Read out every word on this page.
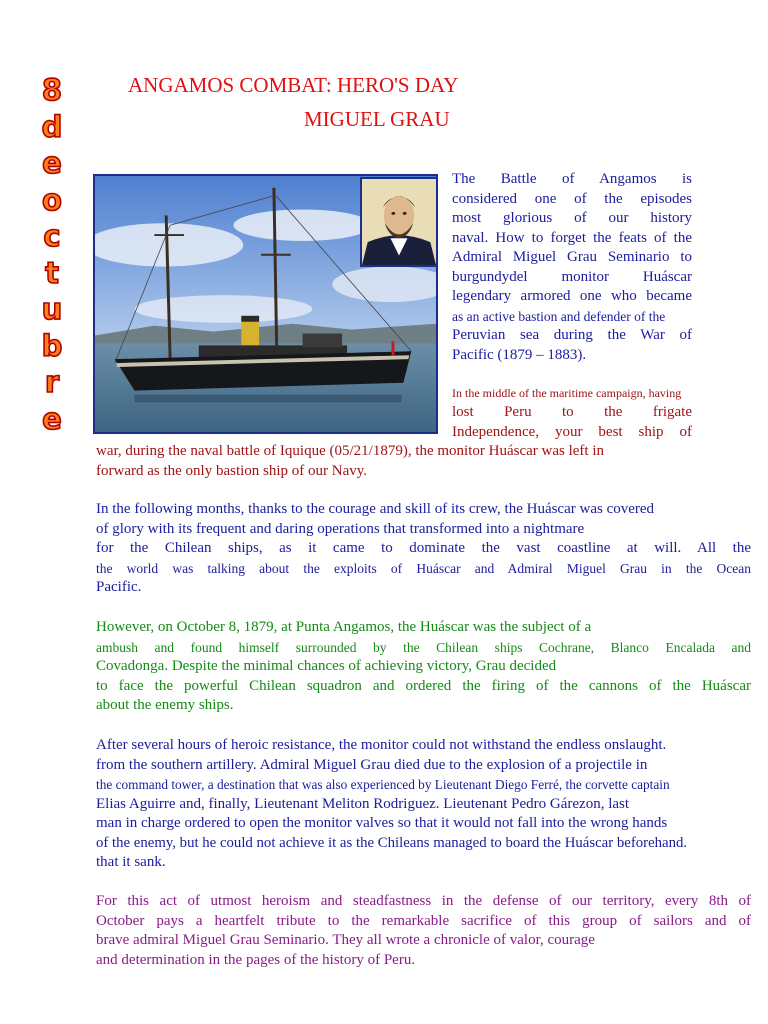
8
d
e
o
c
t
u
b
r
e
ANGAMOS COMBAT: HERO'S DAY
MIGUEL GRAU

The Battle of Angamos is

considered one of the episodes

most glorious of our history

naval. How to forget the feats of the

Admiral Miguel Grau Seminario to

burgundydel monitor Huáscar

legendary armored one who became

as an active bastion and defender of the

Peruvian sea during the War of

Pacific (1879 – 1883).

In the middle of the maritime campaign, having

lost Peru to the frigate

Independence, your best ship of

war, during the naval battle of Iquique (05/21/1879), the monitor Huáscar was left in
forward as the only bastion ship of our Navy.
In the following months, thanks to the courage and skill of its crew, the Huáscar was covered
of glory with its frequent and daring operations that transformed into a nightmare
for the Chilean ships, as it came to dominate the vast coastline at will. All the
the world was talking about the exploits of Huáscar and Admiral Miguel Grau in the Ocean
Pacific.
However, on October 8, 1879, at Punta Angamos, the Huáscar was the subject of a
ambush and found himself surrounded by the Chilean ships Cochrane, Blanco Encalada and
Covadonga. Despite the minimal chances of achieving victory, Grau decided
to face the powerful Chilean squadron and ordered the firing of the cannons of the Huáscar
about the enemy ships.
After several hours of heroic resistance, the monitor could not withstand the endless onslaught.
from the southern artillery. Admiral Miguel Grau died due to the explosion of a projectile in
the command tower, a destination that was also experienced by Lieutenant Diego Ferré, the corvette captain
Elias Aguirre and, finally, Lieutenant Meliton Rodriguez. Lieutenant Pedro Gárezon, last
man in charge ordered to open the monitor valves so that it would not fall into the wrong hands
of the enemy, but he could not achieve it as the Chileans managed to board the Huáscar beforehand.
that it sank.
For this act of utmost heroism and steadfastness in the defense of our territory, every 8th of
October pays a heartfelt tribute to the remarkable sacrifice of this group of sailors and of
brave admiral Miguel Grau Seminario. They all wrote a chronicle of valor, courage
and determination in the pages of the history of Peru.
